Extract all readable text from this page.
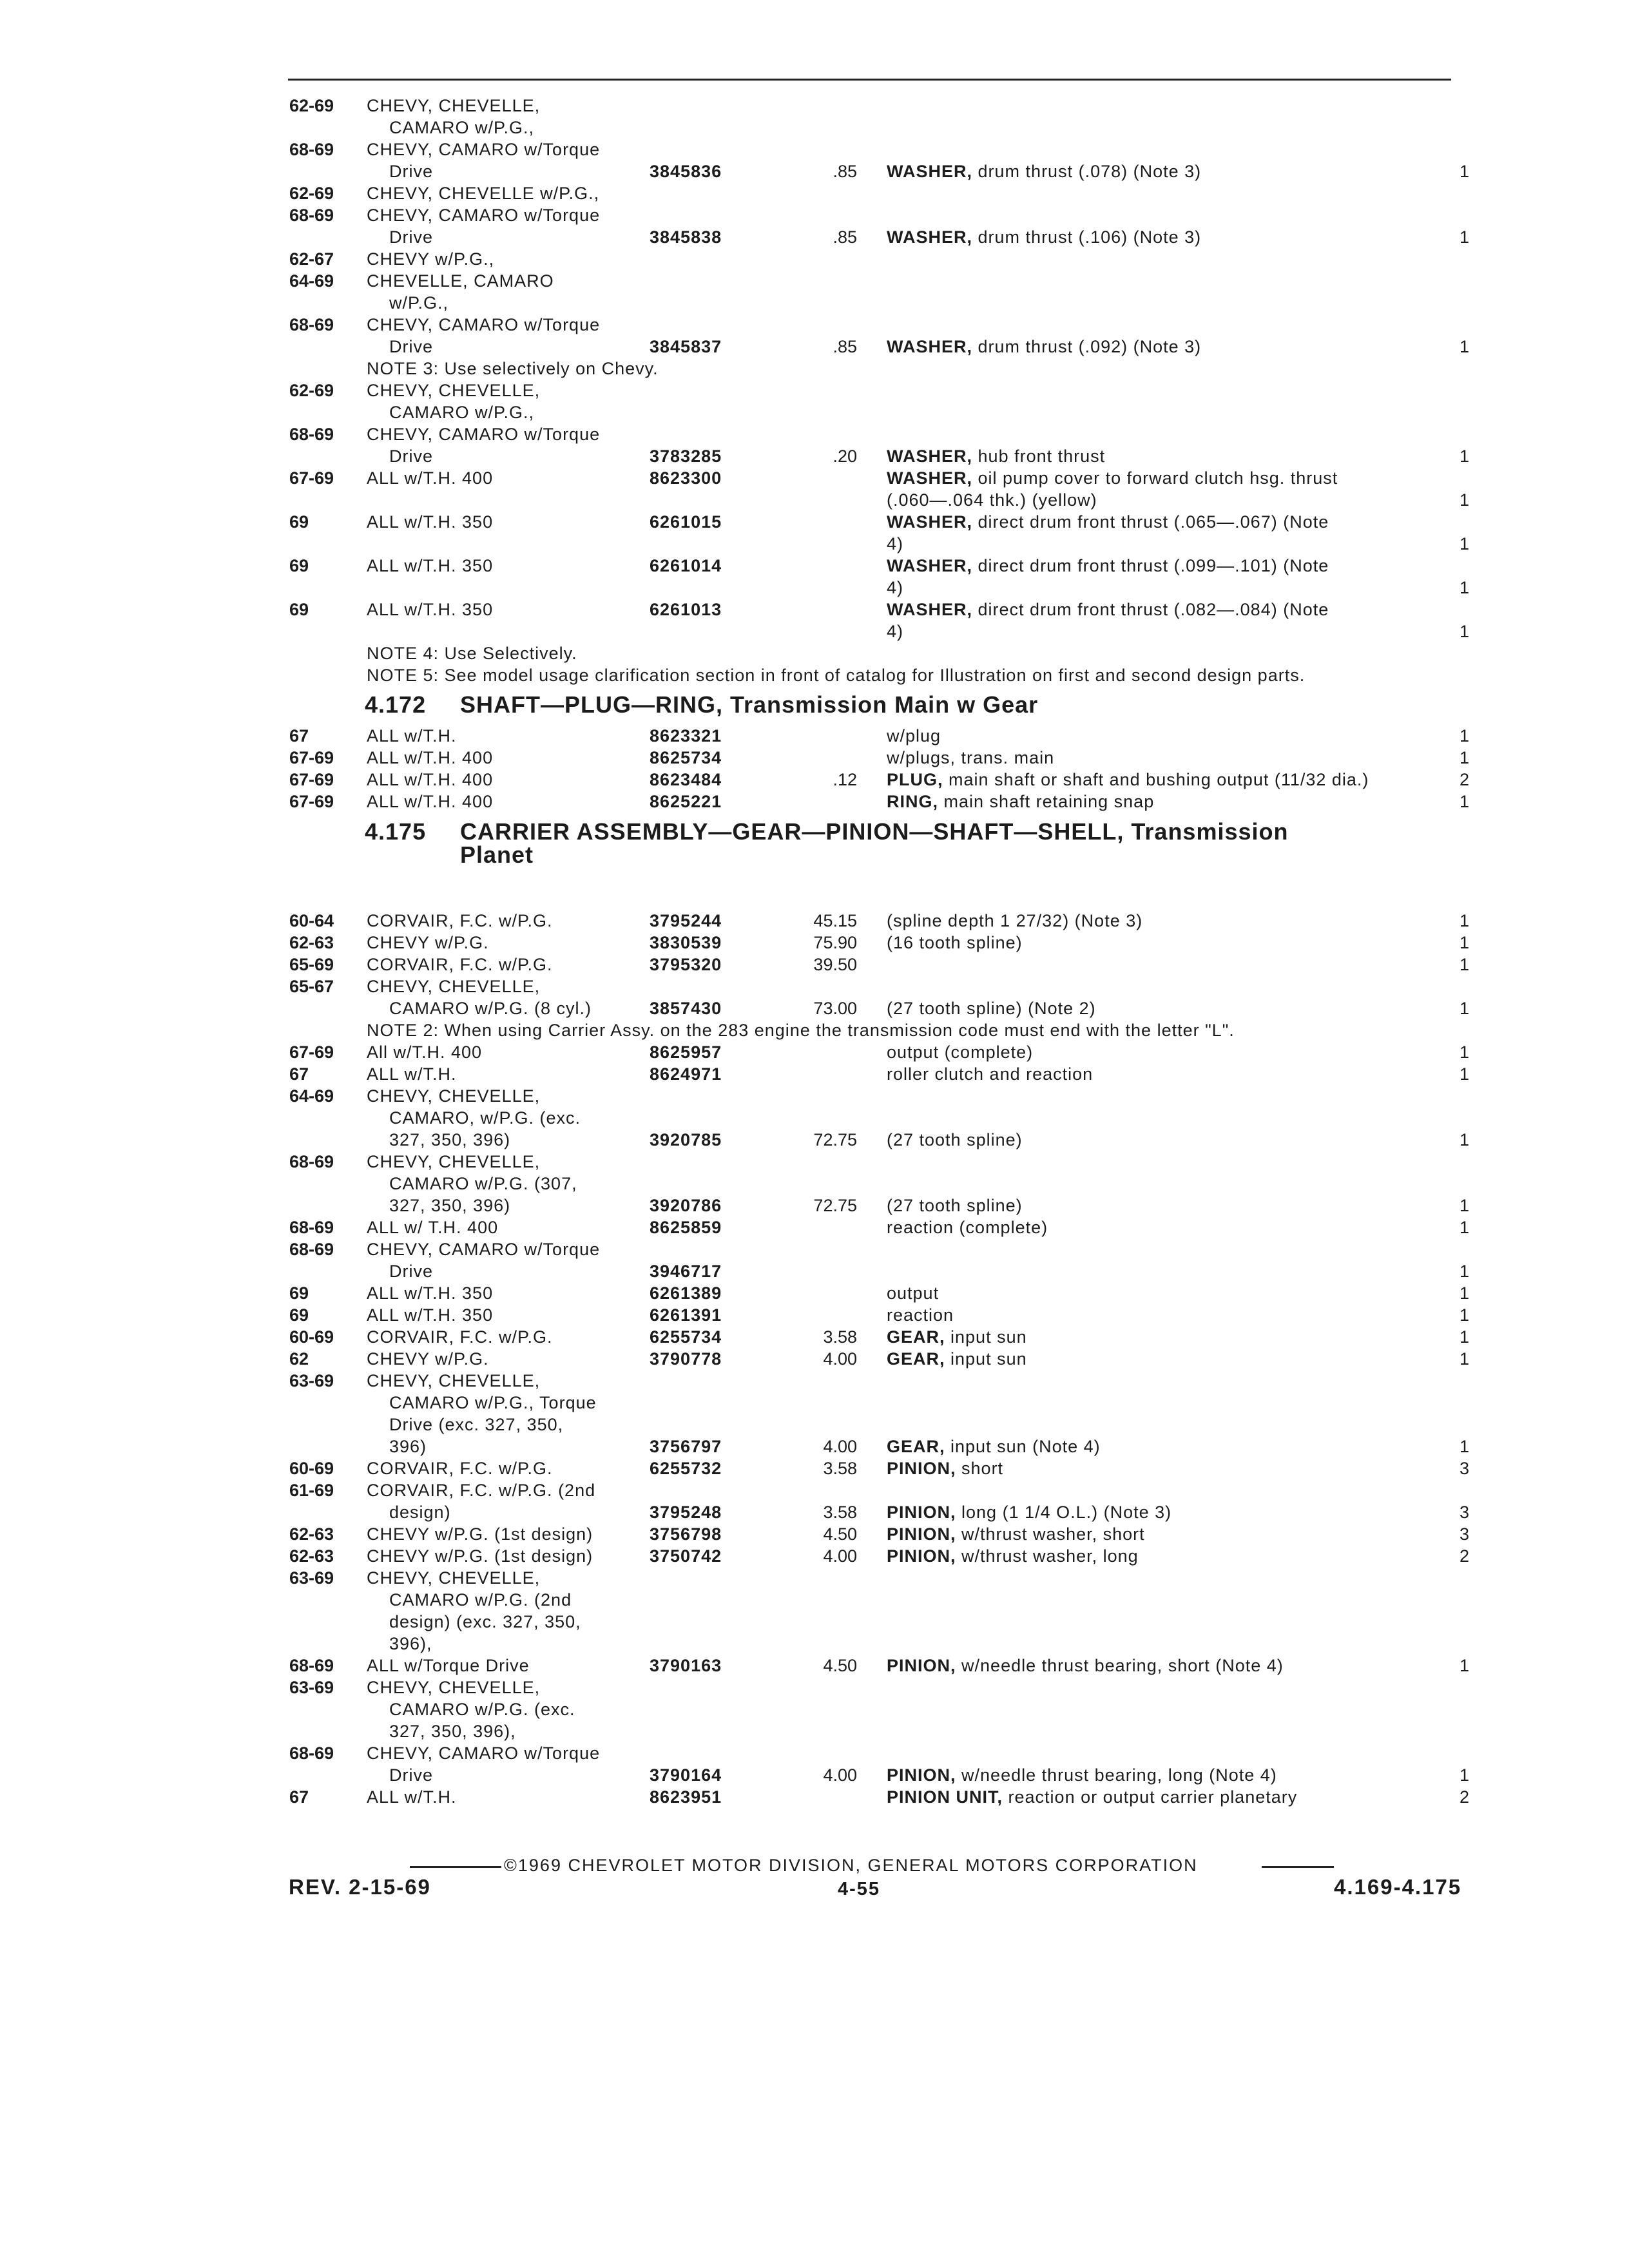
62-69 CHEVY, CHEVELLE,
CAMARO w/P.G.,
68-69 CHEVY, CAMARO w/Torque
Drive	3845836	.85 WASHER, drum thrust (.078) (Note 3)	1
62-69 CHEVY, CHEVELLE w/P.G.,
68-69 CHEVY, CAMARO w/Torque
Drive	3845838	.85 WASHER, drum thrust (.106) (Note 3)	1
62-67 CHEVY w/P.G.,
64-69 CHEVELLE, CAMARO
w/P.G.,
68-69 CHEVY, CAMARO w/Torque
Drive	3845837	.85 WASHER, drum thrust (.092) (Note 3)	1
NOTE 3: Use selectively on Chevy.
62-69 CHEVY, CHEVELLE,
CAMARO w/P.G.,
68-69 CHEVY, CAMARO w/Torque
Drive	3783285	.20 WASHER, hub front thrust	1
67-69 ALL w/T.H. 400	8623300	WASHER, oil pump cover to forward clutch hsg. thrust
(.060—.064 thk.) (yellow)	1
69	ALL w/T.H. 350	6261015	WASHER, direct drum front thrust (.065—.067) (Note
4)	1
69	ALL w/T.H. 350	6261014	WASHER, direct drum front thrust (.099—.101) (Note
4)	1
69	ALL w/T.H. 350	6261013	WASHER, direct drum front thrust (.082—.084) (Note
4)	1
NOTE 4: Use Selectively.
NOTE 5: See model usage clarification section in front of catalog for Illustration on first and second design parts.
4.172 SHAFT—PLUG—RING, Transmission Main w Gear
67	ALL w/T.H.	8623321	w/plug	1
67-69 ALL w/T.H. 400	8625734	w/plugs, trans. main	1
67-69 ALL w/T.H. 400	8623484	.12 PLUG, main shaft or shaft and bushing output (11/32 dia.)	2
67-69 ALL w/T.H. 400	8625221	RING, main shaft retaining snap	1
4.175 CARRIER ASSEMBLY—GEAR—PINION—SHAFT—SHELL, Transmission
Planet
60-64 CORVAIR, F.C. w/P.G.	3795244	45.15 (spline depth 1 27/32) (Note 3)	1
62-63 CHEVY w/P.G.	3830539	75.90 (16 tooth spline)	1
65-69 CORVAIR, F.C. w/P.G.	3795320	39.50	1
65-67 CHEVY, CHEVELLE,
CAMARO w/P.G. (8 cyl.)	3857430	73.00 (27 tooth spline) (Note 2)	1
NOTE 2: When using Carrier Assy. on the 283 engine the transmission code must end with the letter "L".
67-69 All w/T.H. 400	8625957	output (complete)	1
67	ALL w/T.H.	8624971	roller clutch and reaction	1
64-69 CHEVY, CHEVELLE,
CAMARO, w/P.G. (exc.
327, 350, 396)	3920785	72.75 (27 tooth spline)	1
68-69 CHEVY, CHEVELLE,
CAMARO w/P.G. (307,
327, 350, 396)	3920786	72.75 (27 tooth spline)	1
68-69 ALL w/ T.H. 400	8625859	reaction (complete)	1
68-69 CHEVY, CAMARO w/Torque
Drive	3946717	1
69	ALL w/T.H. 350	6261389	output	1
69	ALL w/T.H. 350	6261391	reaction	1
60-69 CORVAIR, F.C. w/P.G.	6255734	3.58 GEAR, input sun	1
62	CHEVY w/P.G.	3790778	4.00 GEAR, input sun	1
63-69 CHEVY, CHEVELLE,
CAMARO w/P.G., Torque
Drive (exc. 327, 350,
396)	3756797	4.00 GEAR, input sun (Note 4)	1
60-69 CORVAIR, F.C. w/P.G.	6255732	3.58 PINION, short	3
61-69 CORVAIR, F.C. w/P.G. (2nd
design)	3795248	3.58 PINION, long (1 1/4 O.L.) (Note 3)	3
62-63 CHEVY w/P.G. (1st design)	3756798	4.50 PINION, w/thrust washer, short	3
62-63 CHEVY w/P.G. (1st design)	3750742	4.00 PINION, w/thrust washer, long	2
63-69 CHEVY, CHEVELLE,
CAMARO w/P.G. (2nd
design) (exc. 327, 350,
396),
68-69 ALL w/Torque Drive	3790163	4.50 PINION, w/needle thrust bearing, short (Note 4)	1
63-69 CHEVY, CHEVELLE,
CAMARO w/P.G. (exc.
327, 350, 396),
68-69 CHEVY, CAMARO w/Torque
Drive	3790164	4.00 PINION, w/needle thrust bearing, long (Note 4)	1
67	ALL w/T.H.	8623951	PINION UNIT, reaction or output carrier planetary	2
©1969 CHEVROLET MOTOR DIVISION, GENERAL MOTORS CORPORATION
REV. 2-15-69	4-55	4.169-4.175
